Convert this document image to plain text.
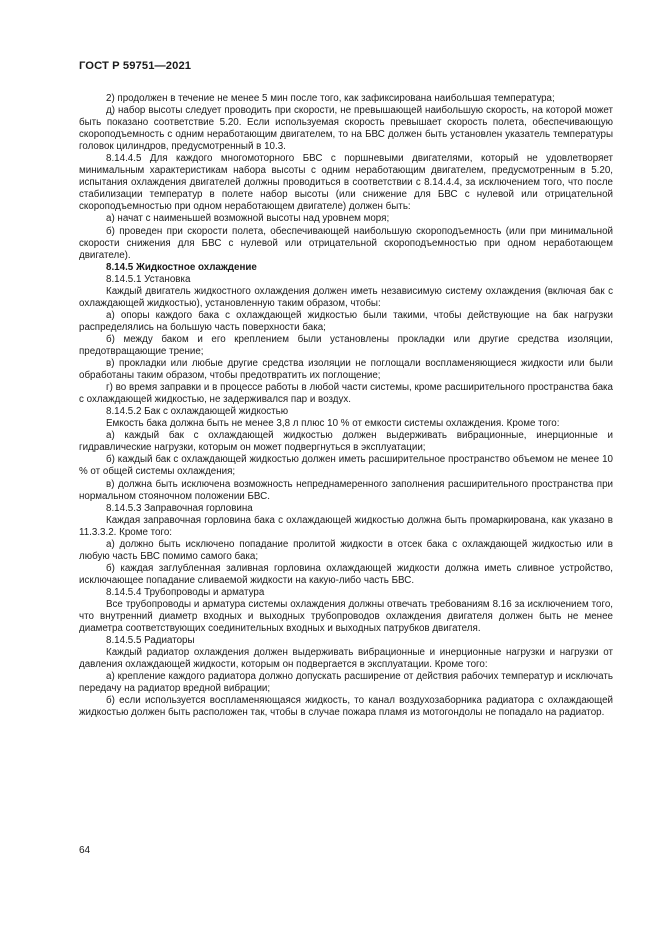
ГОСТ Р 59751—2021

2) продолжен в течение не менее 5 мин после того, как зафиксирована наибольшая температура;

д) набор высоты следует проводить при скорости, не превышающей наибольшую скорость, на которой может быть показано соответствие 5.20. Если используемая скорость превышает скорость полета, обеспечивающую скороподъемность с одним неработающим двигателем, то на БВС должен быть установлен указатель температуры головок цилиндров, предусмотренный в 10.3.

8.14.4.5 Для каждого многомоторного БВС с поршневыми двигателями, который не удовлетворяет минимальным характеристикам набора высоты с одним неработающим двигателем, предусмотренным в 5.20, испытания охлаждения двигателей должны проводиться в соответствии с 8.14.4.4, за исключением того, что после стабилизации температур в полете набор высоты (или снижение для БВС с нулевой или отрицательной скороподъемностью при одном неработающем двигателе) должен быть:

а) начат с наименьшей возможной высоты над уровнем моря;

б) проведен при скорости полета, обеспечивающей наибольшую скороподъемность (или при минимальной скорости снижения для БВС с нулевой или отрицательной скороподъемностью при одном неработающем двигателе).

8.14.5 Жидкостное охлаждение

8.14.5.1 Установка

Каждый двигатель жидкостного охлаждения должен иметь независимую систему охлаждения (включая бак с охлаждающей жидкостью), установленную таким образом, чтобы:

а) опоры каждого бака с охлаждающей жидкостью были такими, чтобы действующие на бак нагрузки распределялись на большую часть поверхности бака;

б) между баком и его креплением были установлены прокладки или другие средства изоляции, предотвращающие трение;

в) прокладки или любые другие средства изоляции не поглощали воспламеняющиеся жидкости или были обработаны таким образом, чтобы предотвратить их поглощение;

г) во время заправки и в процессе работы в любой части системы, кроме расширительного пространства бака с охлаждающей жидкостью, не задерживался пар и воздух.

8.14.5.2 Бак с охлаждающей жидкостью

Емкость бака должна быть не менее 3,8 л плюс 10 % от емкости системы охлаждения. Кроме того:

а) каждый бак с охлаждающей жидкостью должен выдерживать вибрационные, инерционные и гидравлические нагрузки, которым он может подвергнуться в эксплуатации;

б) каждый бак с охлаждающей жидкостью должен иметь расширительное пространство объемом не менее 10 % от общей системы охлаждения;

в) должна быть исключена возможность непреднамеренного заполнения расширительного пространства при нормальном стояночном положении БВС.

8.14.5.3 Заправочная горловина

Каждая заправочная горловина бака с охлаждающей жидкостью должна быть промаркирована, как указано в 11.3.3.2. Кроме того:

а) должно быть исключено попадание пролитой жидкости в отсек бака с охлаждающей жидкостью или в любую часть БВС помимо самого бака;

б) каждая заглубленная заливная горловина охлаждающей жидкости должна иметь сливное устройство, исключающее попадание сливаемой жидкости на какую-либо часть БВС.

8.14.5.4 Трубопроводы и арматура

Все трубопроводы и арматура системы охлаждения должны отвечать требованиям 8.16 за исключением того, что внутренний диаметр входных и выходных трубопроводов охлаждения двигателя должен быть не менее диаметра соответствующих соединительных входных и выходных патрубков двигателя.

8.14.5.5 Радиаторы

Каждый радиатор охлаждения должен выдерживать вибрационные и инерционные нагрузки и нагрузки от давления охлаждающей жидкости, которым он подвергается в эксплуатации. Кроме того:

а) крепление каждого радиатора должно допускать расширение от действия рабочих температур и исключать передачу на радиатор вредной вибрации;

б) если используется воспламеняющаяся жидкость, то канал воздухозаборника радиатора с охлаждающей жидкостью должен быть расположен так, чтобы в случае пожара пламя из мотогондолы не попадало на радиатор.

64
